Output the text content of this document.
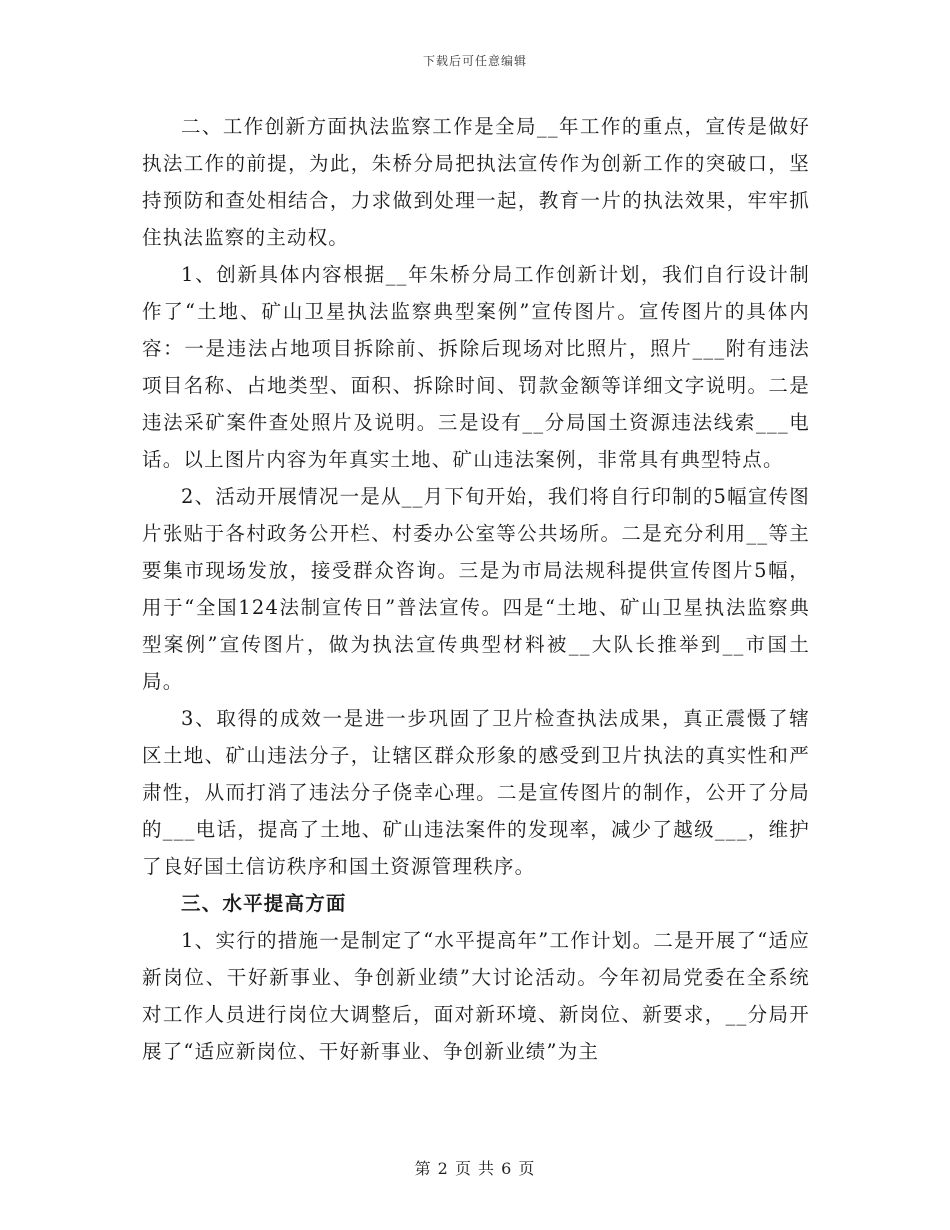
下载后可任意编辑

二、工作创新方面执法监察工作是全局__年工作的重点，宣传是做好执法工作的前提，为此，朱桥分局把执法宣传作为创新工作的突破口，坚持预防和查处相结合，力求做到处理一起，教育一片的执法效果，牢牢抓住执法监察的主动权。

1、创新具体内容根据__年朱桥分局工作创新计划，我们自行设计制作了“土地、矿山卫星执法监察典型案例”宣传图片。宣传图片的具体内容：一是违法占地项目拆除前、拆除后现场对比照片，照片___附有违法项目名称、占地类型、面积、拆除时间、罚款金额等详细文字说明。二是违法采矿案件查处照片及说明。三是设有__分局国土资源违法线索___电话。以上图片内容为年真实土地、矿山违法案例，非常具有典型特点。

2、活动开展情况一是从__月下旬开始，我们将自行印制的5幅宣传图片张贴于各村政务公开栏、村委办公室等公共场所。二是充分利用__等主要集市现场发放，接受群众咨询。三是为市局法规科提供宣传图片5幅，用于“全国124法制宣传日”普法宣传。四是“土地、矿山卫星执法监察典型案例”宣传图片，做为执法宣传典型材料被__大队长推举到__市国土局。

3、取得的成效一是进一步巩固了卫片检查执法成果，真正震慑了辖区土地、矿山违法分子，让辖区群众形象的感受到卫片执法的真实性和严肃性，从而打消了违法分子侥幸心理。二是宣传图片的制作，公开了分局的___电话，提高了土地、矿山违法案件的发现率，减少了越级___，维护了良好国土信访秩序和国土资源管理秩序。

三、水平提高方面

1、实行的措施一是制定了“水平提高年”工作计划。二是开展了“适应新岗位、干好新事业、争创新业绩”大讨论活动。今年初局党委在全系统对工作人员进行岗位大调整后，面对新环境、新岗位、新要求，__分局开展了“适应新岗位、干好新事业、争创新业绩”为主

第 2 页 共 6 页
